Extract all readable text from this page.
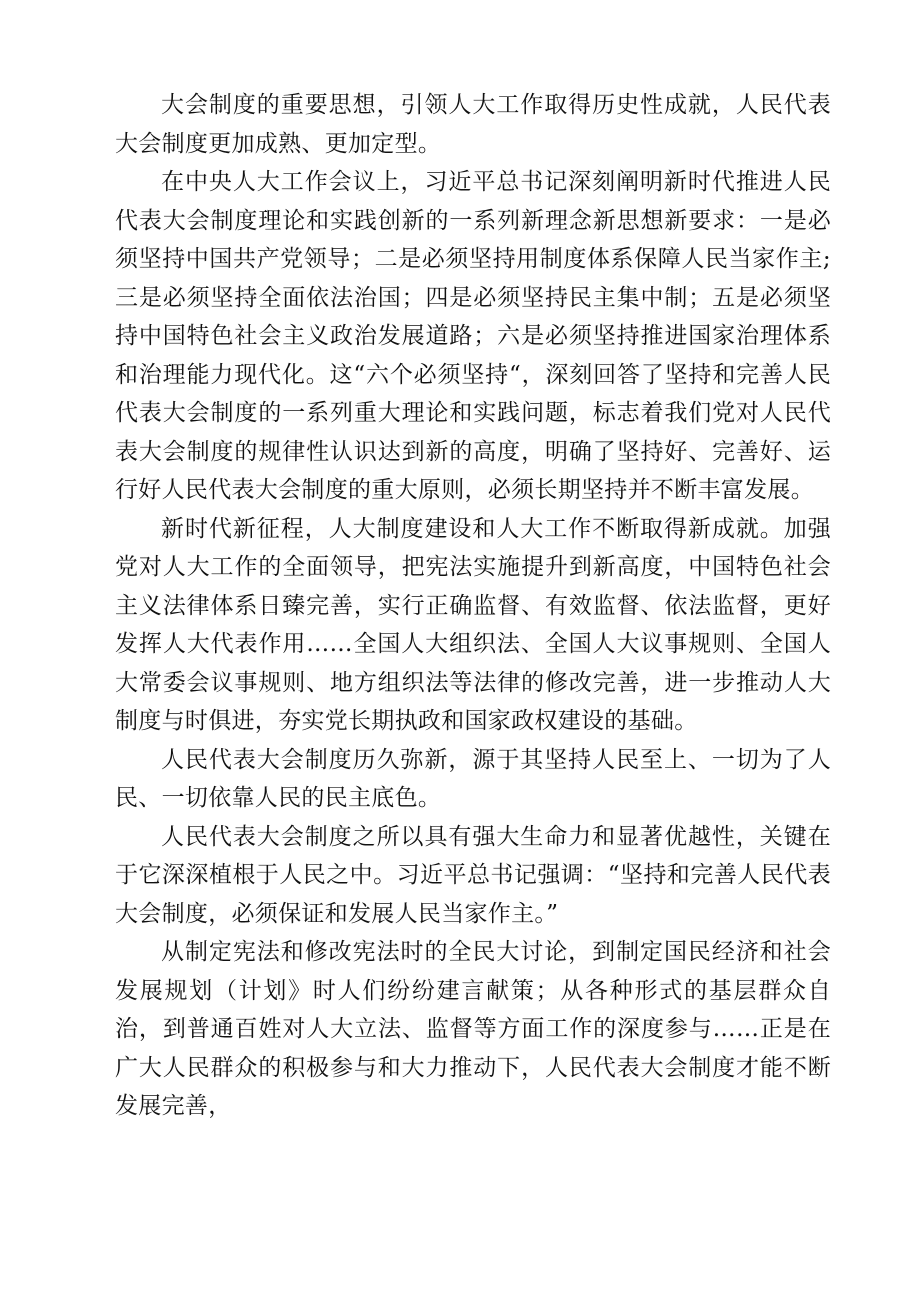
大会制度的重要思想，引领人大工作取得历史性成就，人民代表大会制度更加成熟、更加定型。

在中央人大工作会议上，习近平总书记深刻阐明新时代推进人民代表大会制度理论和实践创新的一系列新理念新思想新要求：一是必须坚持中国共产党领导；二是必须坚持用制度体系保障人民当家作主;三是必须坚持全面依法治国；四是必须坚持民主集中制；五是必须坚持中国特色社会主义政治发展道路；六是必须坚持推进国家治理体系和治理能力现代化。这“六个必须坚持“，深刻回答了坚持和完善人民代表大会制度的一系列重大理论和实践问题，标志着我们党对人民代表大会制度的规律性认识达到新的高度，明确了坚持好、完善好、运行好人民代表大会制度的重大原则，必须长期坚持并不断丰富发展。

新时代新征程，人大制度建设和人大工作不断取得新成就。加强党对人大工作的全面领导，把宪法实施提升到新高度，中国特色社会主义法律体系日臻完善，实行正确监督、有效监督、依法监督，更好发挥人大代表作用……全国人大组织法、全国人大议事规则、全国人大常委会议事规则、地方组织法等法律的修改完善，进一步推动人大制度与时俱进，夯实党长期执政和国家政权建设的基础。

人民代表大会制度历久弥新，源于其坚持人民至上、一切为了人民、一切依靠人民的民主底色。

人民代表大会制度之所以具有强大生命力和显著优越性，关键在于它深深植根于人民之中。习近平总书记强调：“坚持和完善人民代表大会制度，必须保证和发展人民当家作主。”

从制定宪法和修改宪法时的全民大讨论，到制定国民经济和社会发展规划（计划》时人们纷纷建言献策；从各种形式的基层群众自治，到普通百姓对人大立法、监督等方面工作的深度参与……正是在广大人民群众的积极参与和大力推动下，人民代表大会制度才能不断发展完善，
